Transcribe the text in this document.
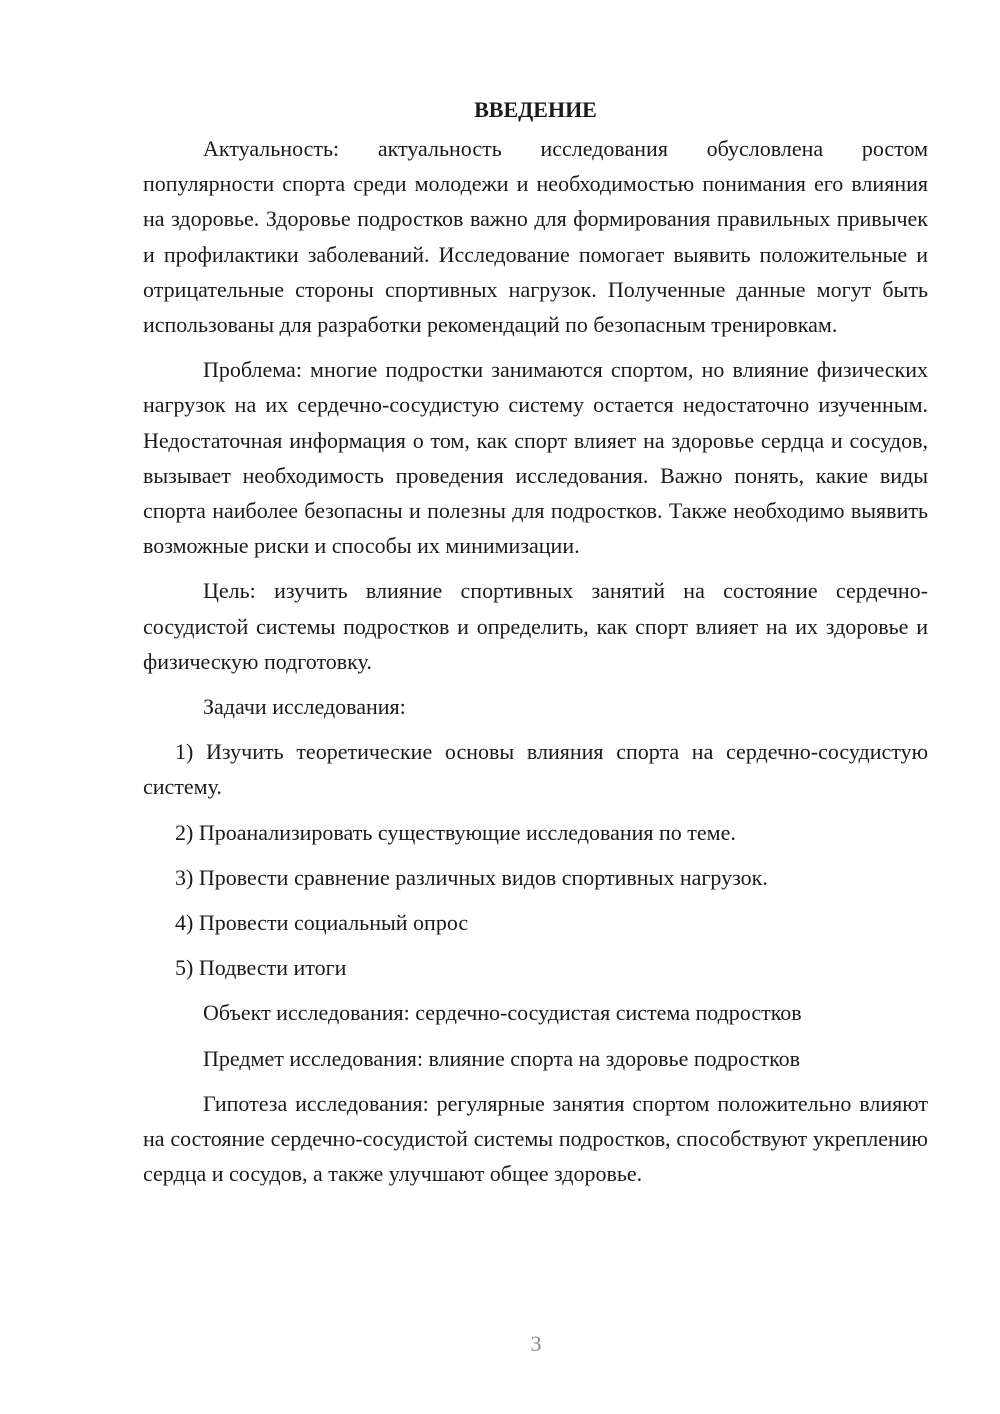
ВВЕДЕНИЕ

Актуальность: актуальность исследования обусловлена ростом популярности спорта среди молодежи и необходимостью понимания его влияния на здоровье. Здоровье подростков важно для формирования правильных привычек и профилактики заболеваний. Исследование помогает выявить положительные и отрицательные стороны спортивных нагрузок. Полученные данные могут быть использованы для разработки рекомендаций по безопасным тренировкам.

Проблема: многие подростки занимаются спортом, но влияние физических нагрузок на их сердечно-сосудистую систему остается недостаточно изученным. Недостаточная информация о том, как спорт влияет на здоровье сердца и сосудов, вызывает необходимость проведения исследования. Важно понять, какие виды спорта наиболее безопасны и полезны для подростков. Также необходимо выявить возможные риски и способы их минимизации.

Цель: изучить влияние спортивных занятий на состояние сердечно-сосудистой системы подростков и определить, как спорт влияет на их здоровье и физическую подготовку.

Задачи исследования:

1) Изучить теоретические основы влияния спорта на сердечно-сосудистую систему.

2) Проанализировать существующие исследования по теме.

3) Провести сравнение различных видов спортивных нагрузок.

4) Провести социальный опрос

5) Подвести итоги

Объект исследования: сердечно-сосудистая система подростков

Предмет исследования: влияние спорта на здоровье подростков

Гипотеза исследования: регулярные занятия спортом положительно влияют на состояние сердечно-сосудистой системы подростков, способствуют укреплению сердца и сосудов, а также улучшают общее здоровье.

3
